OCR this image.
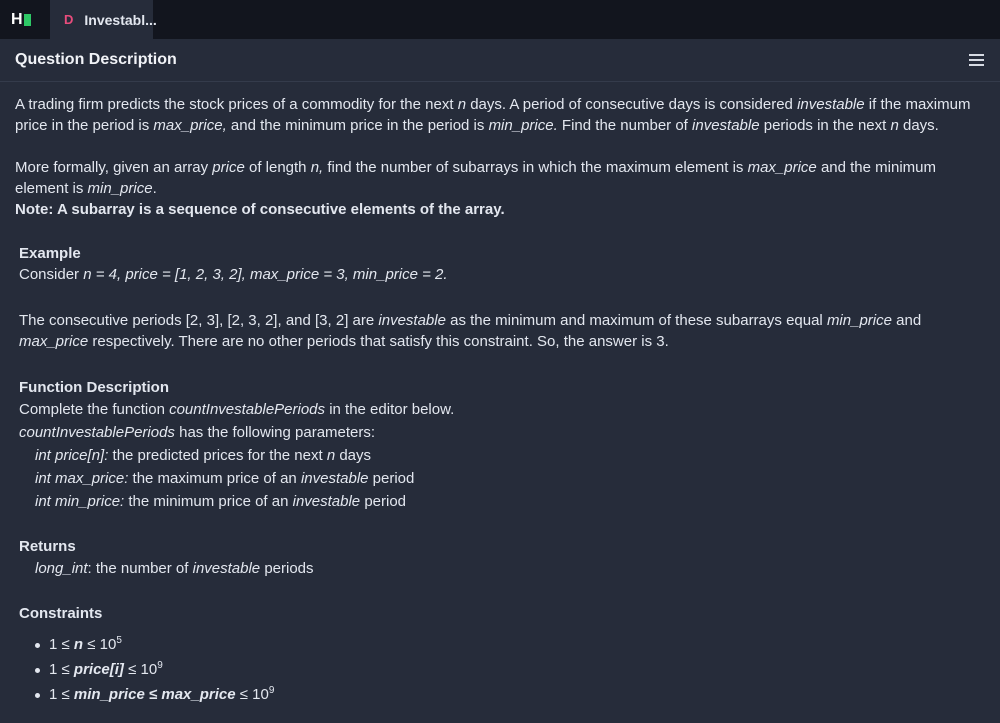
H	D Investabl...
Question Description

A trading firm predicts the stock prices of a commodity for the next n days. A period of consecutive days is considered investable if the maximum price in the period is max_price, and the minimum price in the period is min_price. Find the number of investable periods in the next n days.

More formally, given an array price of length n, find the number of subarrays in which the maximum element is max_price and the minimum element is min_price.

Note: A subarray is a sequence of consecutive elements of the array.

Example

Consider n = 4, price = [1, 2, 3, 2], max_price = 3, min_price = 2.

The consecutive periods [2, 3], [2, 3, 2], and [3, 2] are investable as the minimum and maximum of these subarrays equal min_price and max_price respectively. There are no other periods that satisfy this constraint. So, the answer is 3.

Function Description

Complete the function countInvestablePeriods in the editor below.

countInvestablePeriods has the following parameters:

int price[n]: the predicted prices for the next n days

int max_price: the maximum price of an investable period

int min_price: the minimum price of an investable period

Returns

long_int: the number of investable periods

Constraints

$1 \le n \le 10^5$
1 ≤ price[i] ≤ $10^9$
1 ≤ min_price ≤ max_price ≤ $10^9$
